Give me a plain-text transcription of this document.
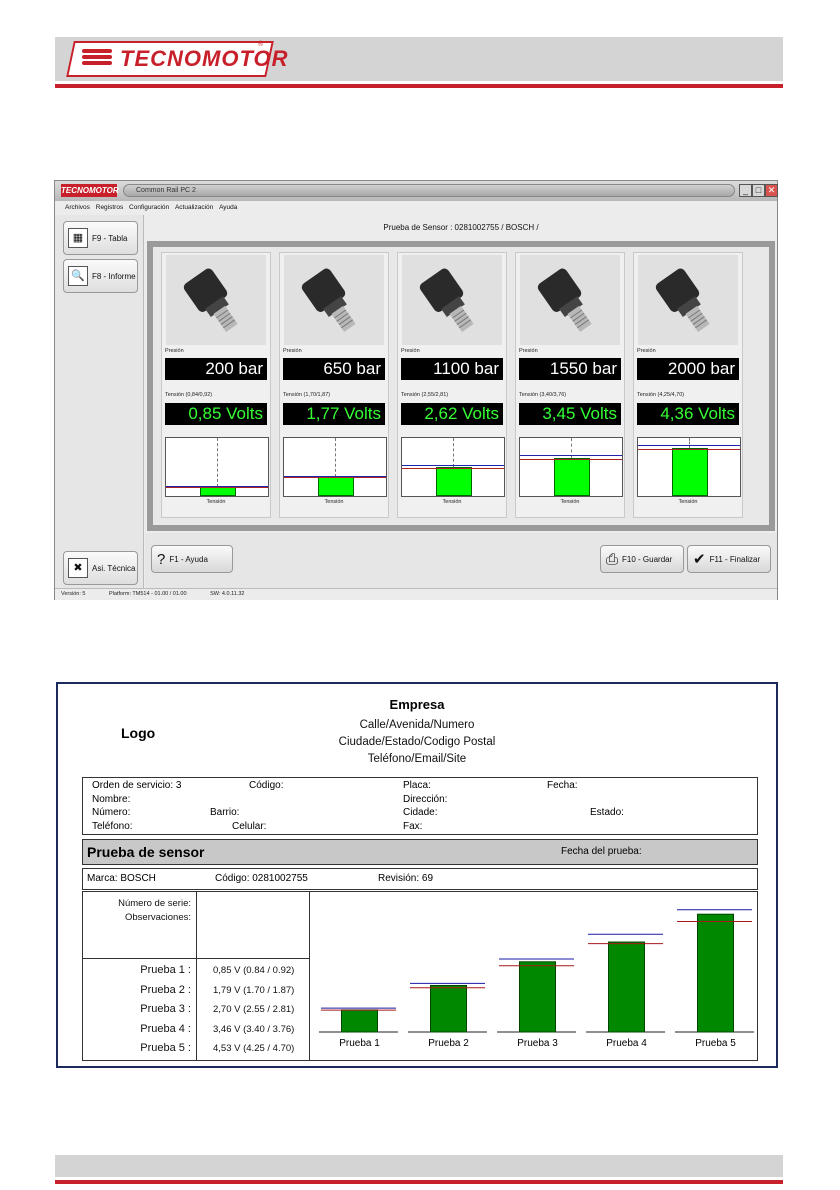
TECNOMOTOR
®
TECNOMOTOR	Common Rail PC 2	_ □ ✕
Archivos Registros Configuración Actualización Ayuda
▦	F9 - Tabla
🔍 F8 - Informe
✖	Asi. Técnica
Prueba de Sensor : 0281002755 / BOSCH /
Presión
200 bar
Tensión (0,84/0,92)
0,85 Volts
Tensión
Presión
650 bar
Tensión (1,70/1,87)
1,77 Volts
Tensión
Presión
1100 bar
Tensión (2,55/2,81)
2,62 Volts
Tensión
Presión
1550 bar
Tensión (3,40/3,76)
3,45 Volts
Tensión
Presión
2000 bar
Tensión (4,25/4,70)
4,36 Volts
Tensión
? F1 - Ayuda	⎙ F10 - Guardar ✔ F11 - Finalizar
Versión: 5	Platform: TM514 - 01.00 / 01.00	SW: 4.0.11.32
Empresa
Calle/Avenida/Numero
Ciudade/Estado/Codigo Postal
Teléfono/Email/Site
Logo
Orden de servicio: 3	Código:	Placa:	Fecha:
Nombre:	Dirección:
Número:	Barrio:	Cidade:	Estado:
Teléfono:	Celular:	Fax:
Prueba de sensor	Fecha del prueba:
Marca: BOSCH	Código: 0281002755	Revisión: 69
Número de serie:
Observaciones:
Prueba 1 : 0,85 V (0.84 / 0.92)
Prueba 2 : 1,79 V (1.70 / 1.87)
Prueba 3 : 2,70 V (2.55 / 2.81)
Prueba 4 : 3,46 V (3.40 / 3.76)
Prueba 5 : 4,53 V (4.25 / 4.70)	Prueba 1	Prueba 2	Prueba 3	Prueba 4	Prueba 5
